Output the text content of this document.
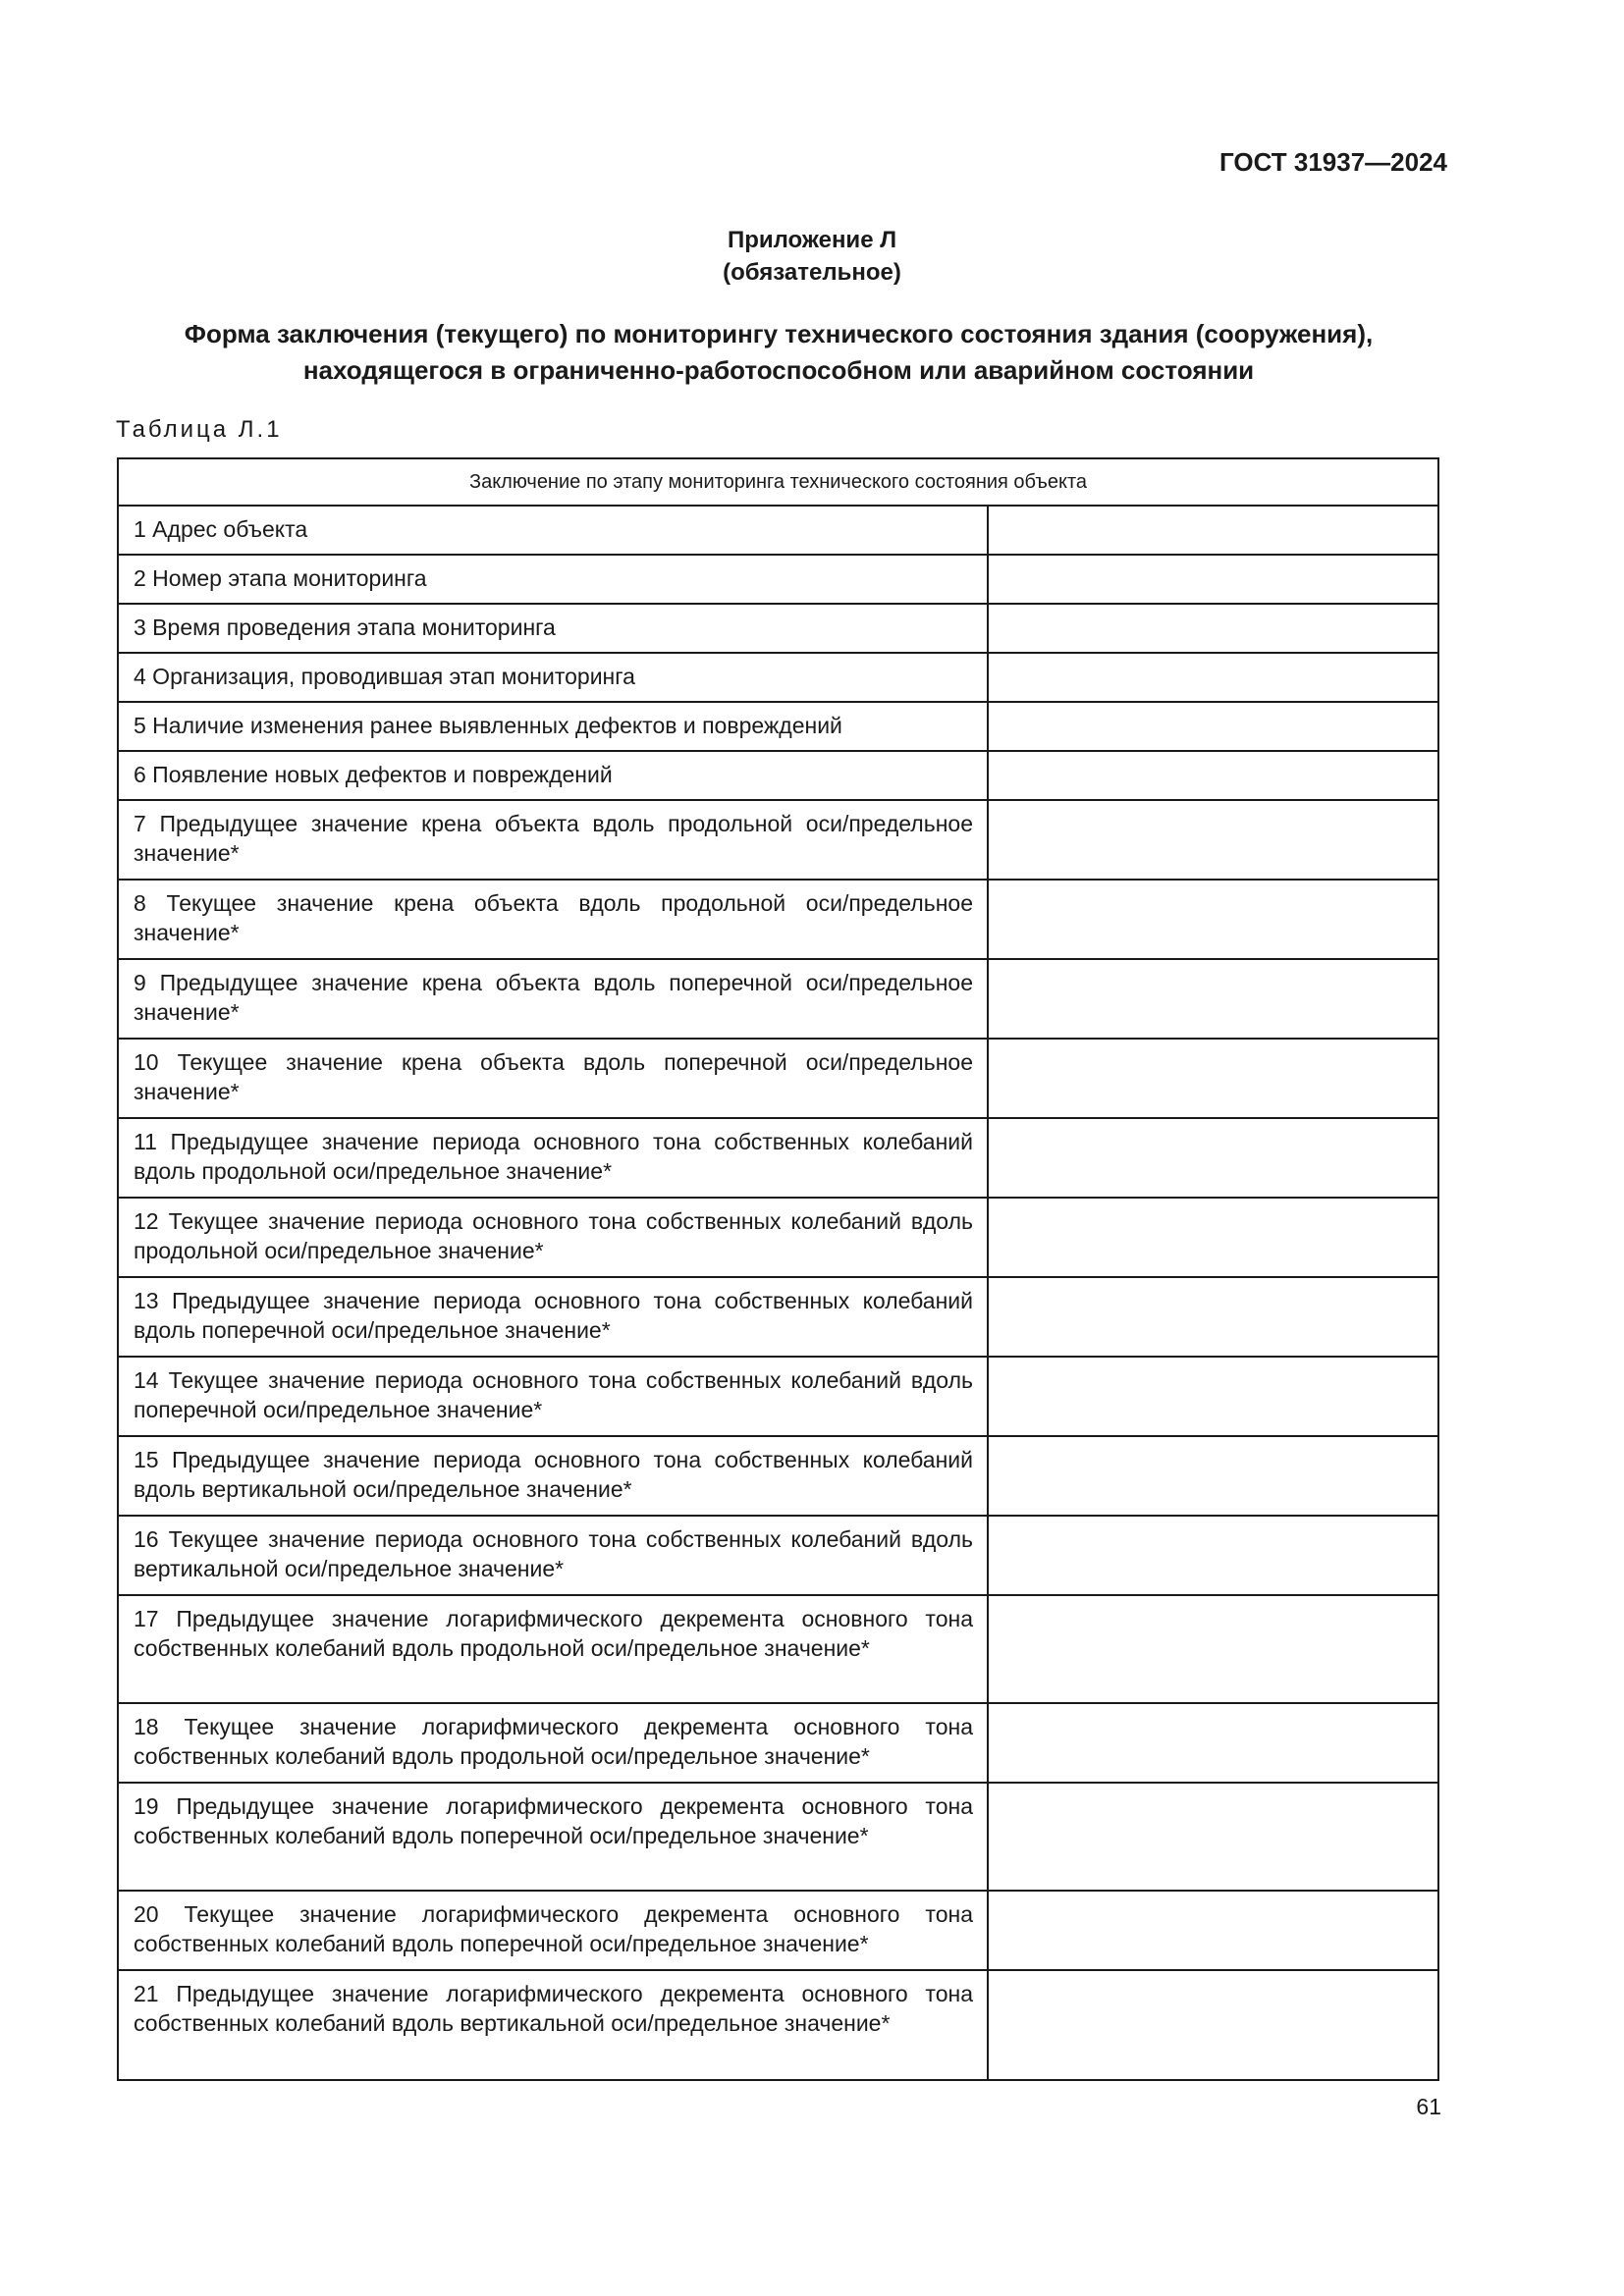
ГОСТ 31937—2024
Приложение Л
(обязательное)
Форма заключения (текущего) по мониторингу технического состояния здания (сооружения),
находящегося в ограниченно-работоспособном или аварийном состоянии
Таблица Л.1
Заключение по этапу мониторинга технического состояния объекта
1 Адрес объекта
2 Номер этапа мониторинга
3 Время проведения этапа мониторинга
4 Организация, проводившая этап мониторинга
5 Наличие изменения ранее выявленных дефектов и повреждений
6 Появление новых дефектов и повреждений
7 Предыдущее значение крена объекта вдоль продольной оси/предельное значение*
8 Текущее значение крена объекта вдоль продольной оси/предельное значение*
9 Предыдущее значение крена объекта вдоль поперечной оси/предельное значение*
10 Текущее значение крена объекта вдоль поперечной оси/предельное значение*
11 Предыдущее значение периода основного тона собственных колебаний вдоль продольной оси/предельное значение*
12 Текущее значение периода основного тона собственных колебаний вдоль продольной оси/предельное значение*
13 Предыдущее значение периода основного тона собственных колебаний вдоль поперечной оси/предельное значение*
14 Текущее значение периода основного тона собственных колебаний вдоль поперечной оси/предельное значение*
15 Предыдущее значение периода основного тона собственных колебаний вдоль вертикальной оси/предельное значение*
16 Текущее значение периода основного тона собственных колебаний вдоль вертикальной оси/предельное значение*
17 Предыдущее значение логарифмического декремента основного тона собственных колебаний вдоль продольной оси/предельное значение*
18 Текущее значение логарифмического декремента основного тона собственных колебаний вдоль продольной оси/предельное значение*
19 Предыдущее значение логарифмического декремента основного тона собственных колебаний вдоль поперечной оси/предельное значение*
20 Текущее значение логарифмического декремента основного тона собственных колебаний вдоль поперечной оси/предельное значение*
21 Предыдущее значение логарифмического декремента основного тона собственных колебаний вдоль вертикальной оси/предельное значение*
61
